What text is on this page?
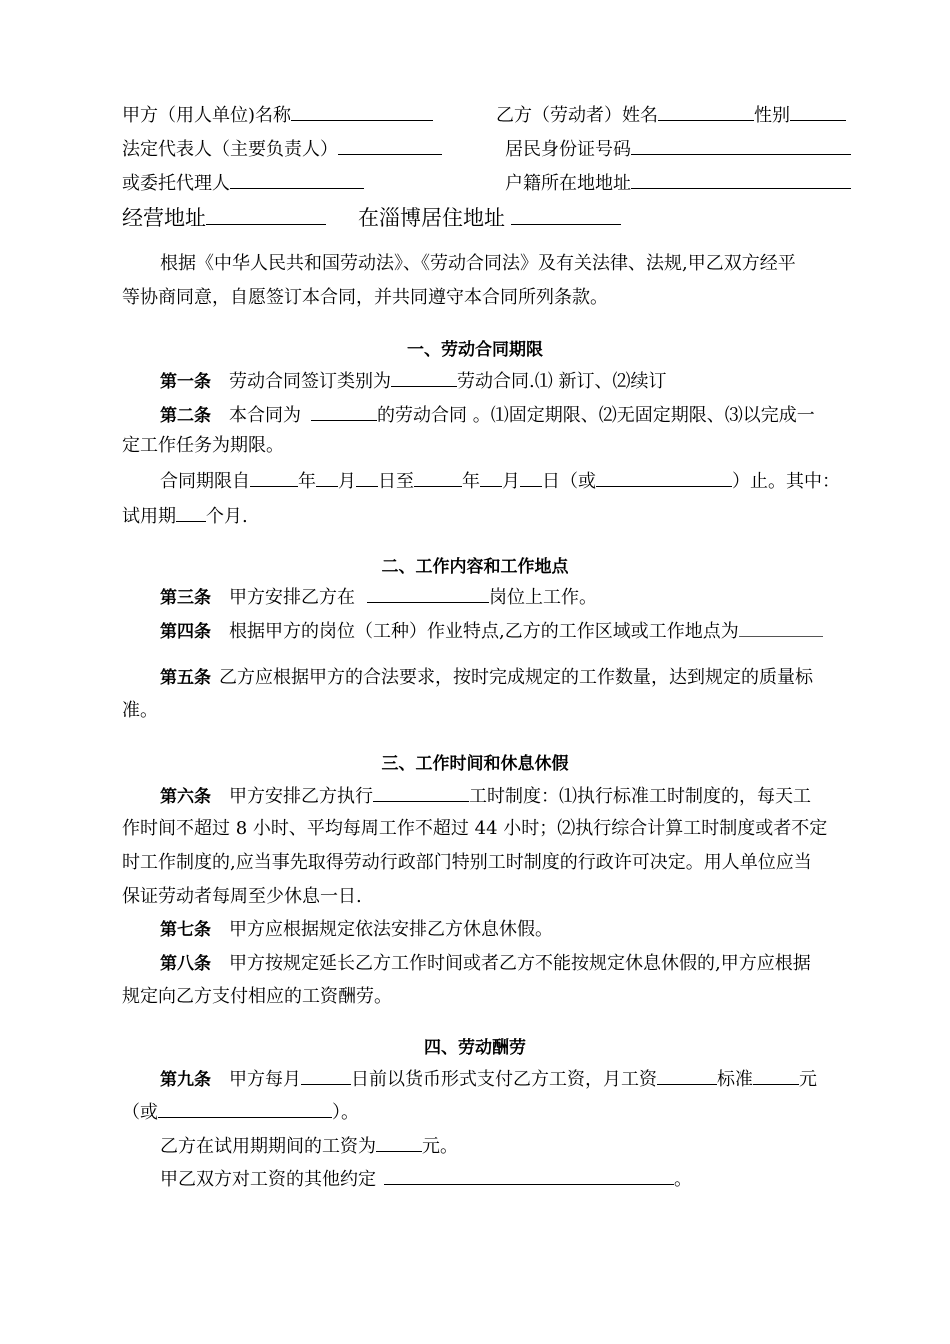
甲方（用人单位)名称	乙方（劳动者）姓名	性别
法定代表人（主要负责人）	居民身份证号码
或委托代理人	户籍所在地地址
经营地址	在淄博居住地址
根据《中华人民共和国劳动法》、《劳动合同法》及有关法律、法规,甲乙双方经平
等协商同意，自愿签订本合同，并共同遵守本合同所列条款。
一、劳动合同期限
第一条 劳动合同签订类别为	劳动合同.⑴ 新订、⑵续订
第二条 本合同为	的劳动合同 。⑴固定期限、⑵无固定期限、⑶以完成一
定工作任务为期限。
合同期限自	年 月 日至	年 月 日（或	）止。其中：
试用期 个月.
二、工作内容和工作地点
第三条 甲方安排乙方在	岗位上工作。
第四条 根据甲方的岗位（工种）作业特点,乙方的工作区域或工作地点为
第五条 乙方应根据甲方的合法要求，按时完成规定的工作数量，达到规定的质量标
准。
三、工作时间和休息休假
第六条 甲方安排乙方执行	工时制度：⑴执行标准工时制度的，每天工
作时间不超过 8 小时、平均每周工作不超过 44 小时；⑵执行综合计算工时制度或者不定
时工作制度的,应当事先取得劳动行政部门特别工时制度的行政许可决定。用人单位应当
保证劳动者每周至少休息一日.
第七条 甲方应根据规定依法安排乙方休息休假。
第八条 甲方按规定延长乙方工作时间或者乙方不能按规定休息休假的,甲方应根据
规定向乙方支付相应的工资酬劳。
四、劳动酬劳
第九条 甲方每月	日前以货币形式支付乙方工资，月工资	标准	元
（或	）。
乙方在试用期期间的工资为	元。
甲乙双方对工资的其他约定	。
